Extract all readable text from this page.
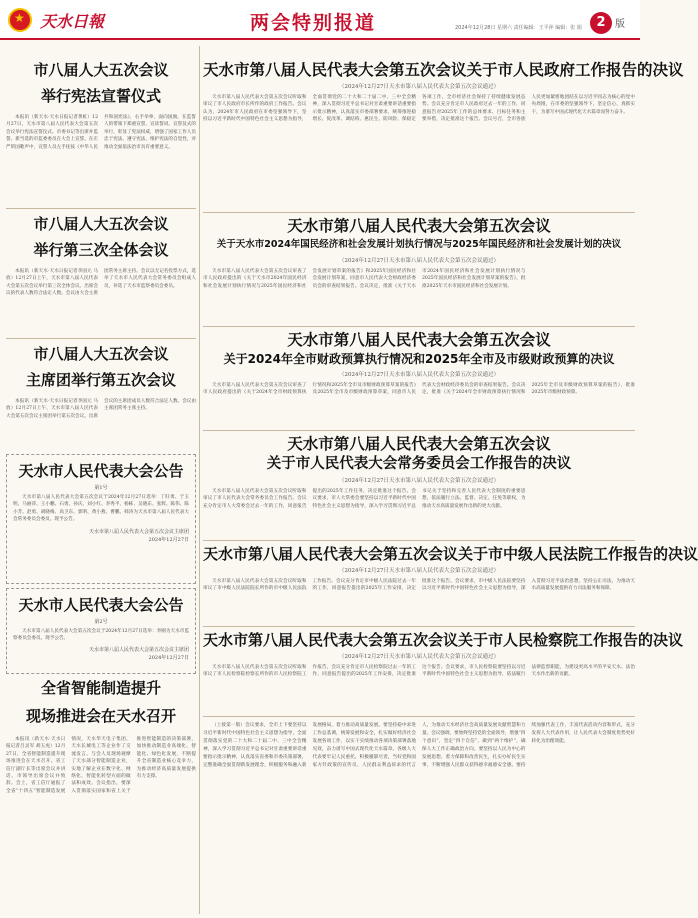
★
天水日報	两会特别报道	2024年12月28日 星期六 责任编辑：王平萍 编辑：张 娟	2 版
市八届人大五次会议
举行宪法宣誓仪式
本报讯（新天水·天水日报记者黄虹）12月27日，天水市第八届人民代表大会第五次会议举行宪法宣誓仪式。市委书记等出席并监誓。新当选的市监委委员在大会上宣誓。在庄严的国歌声中，宣誓人员左手抚按《中华人民共和国宪法》，右手举拳，面向国旗，在监誓人的带领下郑重宣誓，宣读誓词。宣誓仪式的举行，彰显了宪法权威，增强了国家工作人员忠于宪法、遵守宪法、维护宪法的自觉性，对推动全面依法治市具有重要意义。
市八届人大五次会议
举行第三次全体会议
本报讯（新天水·天水日报记者李国元 马放）12月27日上午，天水市第八届人民代表大会第五次会议举行第三次全体会议。出席会议的代表人数符合法定人数。会议由大会主席团常务主席主持。会议以无记名投票方式，选举了天水市人民代表大会常务委员会组成人员，补选了天水市监察委员会委员。
市八届人大五次会议
主席团举行第五次会议
本报讯（新天水·天水日报记者李国元 马放）12月27日上午，天水市第八届人民代表大会第五次会议主席团举行第五次会议。出席会议的主席团成员人数符合法定人数。会议由主席团常务主席主持。
天水市人民代表大会公告
第1号
天水市第八届人民代表大会第五次会议于2024年12月27日选举：丁旺勇、于玉明、马丽萍、王小鹏、石勇、孙庆、刘小红、李秀平、杨栋、吴晓东、张辉、陈伟、陈小芳、赵勇、胡晓梅、高卫东、郭明、黄小燕、曹鹏、韩涛为天水市第八届人民代表大会常务委员会委员。现予公告。
天水市第八届人民代表大会第五次会议主席团
2024年12月27日
天水市人民代表大会公告
第2号
天水市第八届人民代表大会第五次会议于2024年12月27日选举：李刚为天水市监察委员会委员。现予公告。
天水市第八届人民代表大会第五次会议主席团
2024年12月27日
全省智能制造提升
现场推进会在天水召开
本报讯（新天水·天水日报记者吕灵军 胡玉虎）12月27日，全省智能制造提升现场推进会在天水召开。省工信厅副厅长等出席会议并讲话。市领导出席会议并致辞。会上，省工信厅通报了全省“十四五”智能制造发展情况，天水华天电子集团、天水长城电工等企业作了交流发言。与会人员现场观摩了天水部分智能制造企业，实地了解企业在数字化、网络化、智能化转型方面的做法和成效。会议指出，要深入贯彻落实国家和省上关于推进智能制造的决策部署，加快推动制造业高端化、智能化、绿色化发展，不断提升全省制造业核心竞争力，为推动经济高质量发展提供有力支撑。
天水市第八届人民代表大会第五次会议关于市人民政府工作报告的决议
（2024年12月27日天水市第八届人民代表大会第五次会议通过）
天水市第八届人民代表大会第五次会议听取和审议了市人民政府市长所作的政府工作报告。会议认为，2024年市人民政府在市委坚强领导下，坚持以习近平新时代中国特色社会主义思想为指导，全面贯彻党的二十大和二十届二中、三中全会精神，深入贯彻习近平总书记对甘肃重要讲话重要指示批示精神，认真落实市委部署要求，统筹推进稳增长、促改革、调结构、惠民生、防风险、保稳定各项工作，全市经济社会保持了持续健康发展态势。会议充分肯定市人民政府过去一年的工作，同意报告对2025年工作的总体要求、目标任务和主要举措，决定批准这个报告。会议号召，全市各族人民更加紧密地团结在以习近平同志为核心的党中央周围，在市委的坚强领导下，坚定信心、真抓实干，为谱写中国式现代化天水篇章而努力奋斗。
天水市第八届人民代表大会第五次会议
关于天水市2024年国民经济和社会发展计划执行情况与2025年国民经济和社会发展计划的决议
（2024年12月27日天水市第八届人民代表大会第五次会议通过）
天水市第八届人民代表大会第五次会议审查了市人民政府提出的《关于天水市2024年国民经济和社会发展计划执行情况与2025年国民经济和社会发展计划草案的报告》和2025年国民经济和社会发展计划草案，同意市人民代表大会财政经济委员会的审查结果报告。会议决定，批准《关于天水市2024年国民经济和社会发展计划执行情况与2025年国民经济和社会发展计划草案的报告》，批准2025年天水市国民经济和社会发展计划。
天水市第八届人民代表大会第五次会议
关于2024年全市财政预算执行情况和2025年全市及市级财政预算的决议
（2024年12月27日天水市第八届人民代表大会第五次会议通过）
天水市第八届人民代表大会第五次会议审查了市人民政府提出的《关于2024年全市财政预算执行情况和2025年全市及市级财政预算草案的报告》及2025年全市及市级财政预算草案，同意市人民代表大会财政经济委员会的审查结果报告。会议决定，批准《关于2024年全市财政预算执行情况和2025年全市及市级财政预算草案的报告》，批准2025年市级财政预算。
天水市第八届人民代表大会第五次会议
关于市人民代表大会常务委员会工作报告的决议
（2024年12月27日天水市第八届人民代表大会第五次会议通过）
天水市第八届人民代表大会第五次会议听取和审议了市人民代表大会常务委员会工作报告。会议充分肯定市人大常委会过去一年的工作，同意报告提出的2025年工作任务，决定批准这个报告。会议要求，市人大常委会要坚持以习近平新时代中国特色社会主义思想为指导，深入学习贯彻习近平总书记关于坚持和完善人民代表大会制度的重要思想，依法履行立法、监督、决定、任免等职权，为推动天水高质量发展作出新的更大贡献。
天水市第八届人民代表大会第五次会议关于市中级人民法院工作报告的决议
（2024年12月27日天水市第八届人民代表大会第五次会议通过）
天水市第八届人民代表大会第五次会议听取和审议了市中级人民法院院长所作的市中级人民法院工作报告。会议充分肯定市中级人民法院过去一年的工作，同意报告提出的2025年工作安排，决定批准这个报告。会议要求，市中级人民法院要坚持以习近平新时代中国特色社会主义思想为指导，深入贯彻习近平法治思想，坚持公正司法，为推动天水高质量发展提供有力司法服务和保障。
天水市第八届人民代表大会第五次会议关于市人民检察院工作报告的决议
（2024年12月27日天水市第八届人民代表大会第五次会议通过）
天水市第八届人民代表大会第五次会议听取和审议了市人民检察院检察长所作的市人民检察院工作报告。会议充分肯定市人民检察院过去一年的工作，同意报告提出的2025年工作安排，决定批准这个报告。会议要求，市人民检察院要坚持以习近平新时代中国特色社会主义思想为指导，依法履行法律监督职能，为建设更高水平的平安天水、法治天水作出新的贡献。
（上接第一版）会议要求，全市上下要坚持以习近平新时代中国特色社会主义思想为指导，全面贯彻落实党的二十大和二十届二中、三中全会精神，深入学习贯彻习近平总书记对甘肃重要讲话重要指示批示精神，认真落实省委和市委决策部署，完整准确全面贯彻新发展理念，积极服务和融入新发展格局，着力推动高质量发展。要坚持稳中求进工作总基调，统筹发展和安全，扎实做好经济社会发展各项工作，以实干实绩推动各项决策部署落地见效，奋力谱写中国式现代化天水篇章。各级人大代表要牢记人民重托，积极履职尽责，当好党和国家方针政策的宣传员、人民群众利益诉求的代言人，为推动天水经济社会高质量发展贡献智慧和力量。会议强调，要始终坚持党的全面领导，增强“四个意识”，坚定“四个自信”，做到“两个维护”，确保人大工作正确政治方向。要坚持以人民为中心的发展思想，着力保障和改善民生，扎实办好民生实事，不断增强人民群众获得感幸福感安全感。要持续加强代表工作，丰富代表活动内容和形式，充分发挥人大代表作用，让人民代表大会制度优势更好转化为治理效能。
